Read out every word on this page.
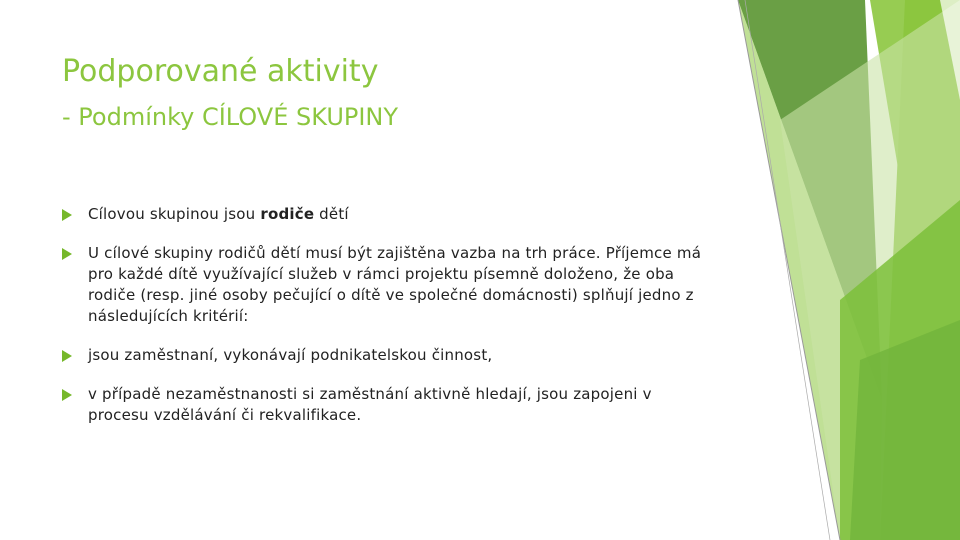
Podporované aktivity
- Podmínky CÍLOVÉ SKUPINY
Cílovou skupinou jsou rodiče dětí
U cílové skupiny rodičů dětí musí být zajištěna vazba na trh práce. Příjemce má pro každé dítě využívající služeb v rámci projektu písemně doloženo, že oba rodiče (resp. jiné osoby pečující o dítě ve společné domácnosti) splňují jedno z následujících kritérií:
jsou zaměstnaní, vykonávají podnikatelskou činnost,
v případě nezaměstnanosti si zaměstnání aktivně hledají, jsou zapojeni v procesu vzdělávání či rekvalifikace.
